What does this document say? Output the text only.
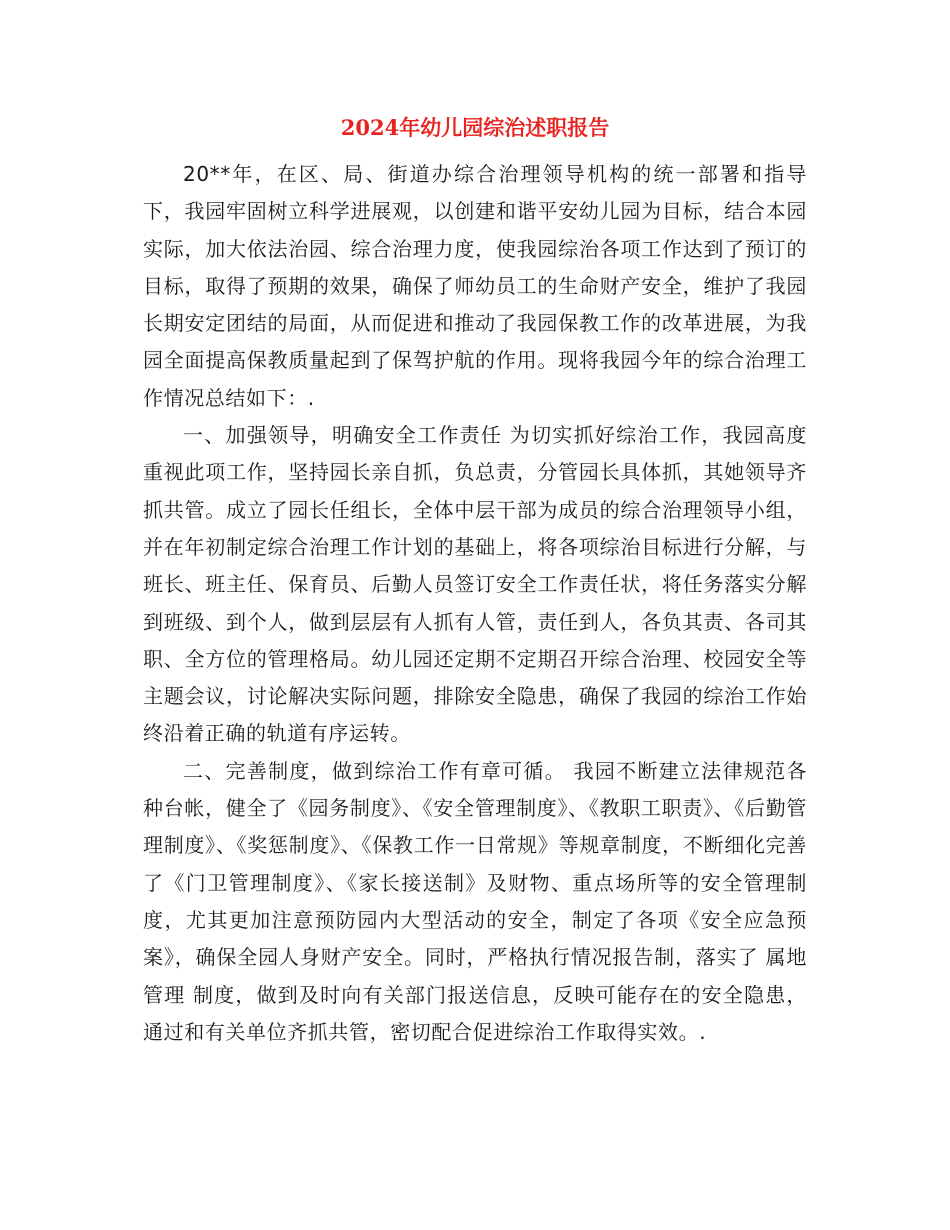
2024年幼儿园综治述职报告

20**年，在区、局、街道办综合治理领导机构的统一部署和指导下，我园牢固树立科学进展观，以创建和谐平安幼儿园为目标，结合本园实际，加大依法治园、综合治理力度，使我园综治各项工作达到了预订的目标，取得了预期的效果，确保了师幼员工的生命财产安全，维护了我园长期安定团结的局面，从而促进和推动了我园保教工作的改革进展，为我园全面提高保教质量起到了保驾护航的作用。现将我园今年的综合治理工作情况总结如下：.

一、加强领导，明确安全工作责任 为切实抓好综治工作，我园高度重视此项工作，坚持园长亲自抓，负总责，分管园长具体抓，其她领导齐抓共管。成立了园长任组长，全体中层干部为成员的综合治理领导小组，并在年初制定综合治理工作计划的基础上，将各项综治目标进行分解，与班长、班主任、保育员、后勤人员签订安全工作责任状，将任务落实分解到班级、到个人，做到层层有人抓有人管，责任到人，各负其责、各司其职、全方位的管理格局。幼儿园还定期不定期召开综合治理、校园安全等主题会议，讨论解决实际问题，排除安全隐患，确保了我园的综治工作始终沿着正确的轨道有序运转。

二、完善制度，做到综治工作有章可循。 我园不断建立法律规范各种台帐，健全了《园务制度》、《安全管理制度》、《教职工职责》、《后勤管理制度》、《奖惩制度》、《保教工作一日常规》等规章制度，不断细化完善了《门卫管理制度》、《家长接送制》及财物、重点场所等的安全管理制度，尤其更加注意预防园内大型活动的安全，制定了各项《安全应急预案》，确保全园人身财产安全。同时，严格执行情况报告制，落实了 属地管理 制度，做到及时向有关部门报送信息，反映可能存在的安全隐患，通过和有关单位齐抓共管，密切配合促进综治工作取得实效。.
